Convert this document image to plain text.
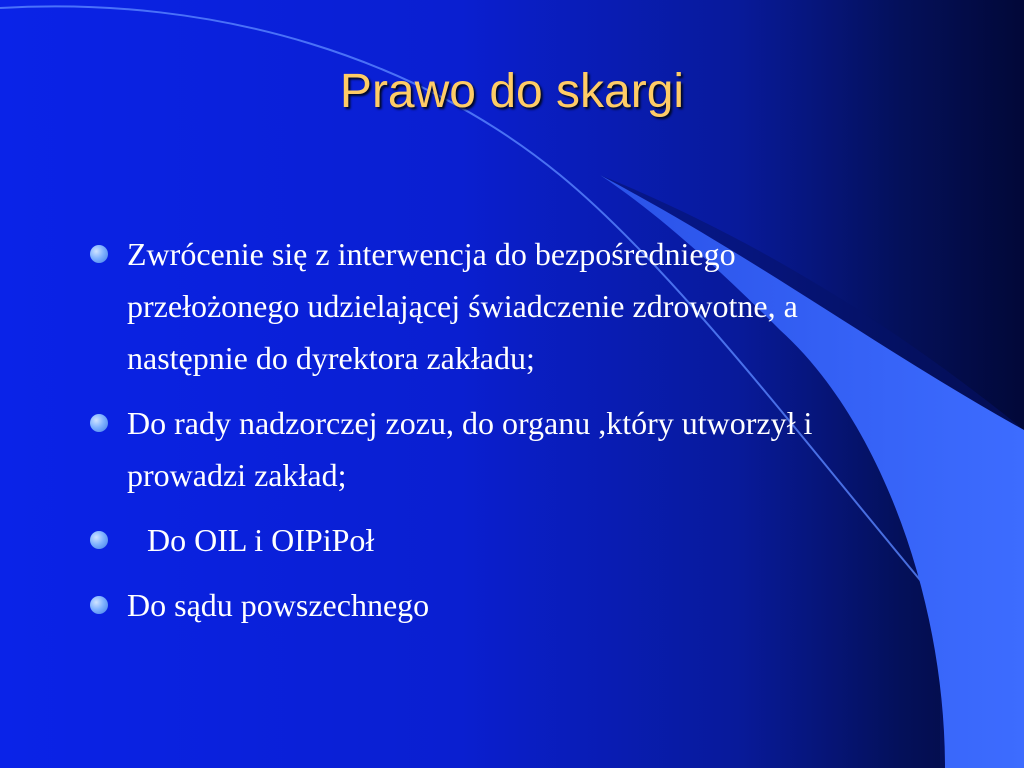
Prawo do skargi
Zwrócenie się z interwencja do bezpośredniego przełożonego udzielającej świadczenie zdrowotne, a następnie do dyrektora zakładu;
Do rady nadzorczej zozu, do organu ,który utworzył i prowadzi zakład;
Do OIL i OIPiPoł
Do sądu powszechnego
